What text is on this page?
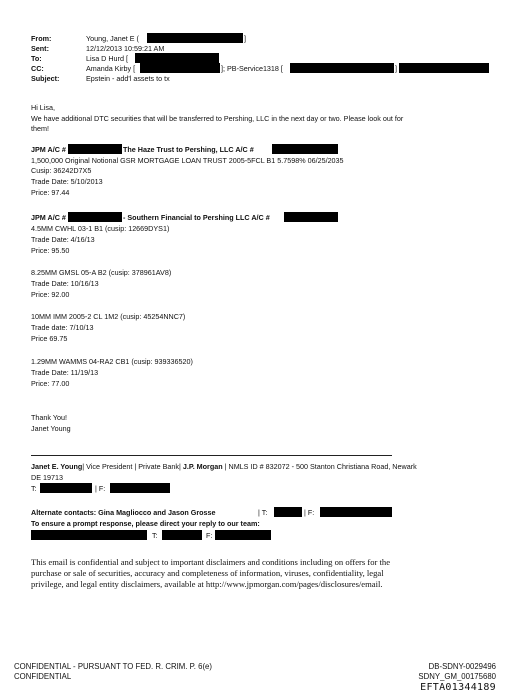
From:	Young, Janet E (	]
Sent:	12/12/2013 10:59:21 AM
To:	Lisa D Hurd [
CC:	Amanda Kirby [	]; PB-Service1318 [	]
Subject:	Epstein - add'l assets to tx
Hi Lisa,
We have additional DTC securities that will be transferred to Pershing, LLC in the next day or two. Please look out for
them!
JPM A/C #	The Haze Trust to Pershing, LLC A/C #
1,500,000 Original Notional GSR MORTGAGE LOAN TRUST 2005-5FCL B1 5.7598% 06/25/2035
Cusip: 36242D7X5
Trade Date: 5/10/2013
Price: 97.44
JPM A/C #	- Southern Financial to Pershing LLC A/C #
4.5MM CWHL 03-1 B1 (cusip: 12669DYS1)
Trade Date: 4/16/13
Price: 95.50
8.25MM GMSL 05-A B2 (cusip: 378961AV8)
Trade Date: 10/16/13
Price: 92.00
10MM IMM 2005-2 CL 1M2 (cusip: 45254NNC7)
Trade date: 7/10/13
Price 69.75
1.29MM WAMMS 04-RA2 CB1 (cusip: 939336520)
Trade Date: 11/19/13
Price: 77.00
Thank You!
Janet Young
Janet E. Young| Vice President | Private Bank| J.P. Morgan | NMLS ID # 832072 - 500 Stanton Christiana Road, Newark
DE 19713
T:	| F:
Alternate contacts: Gina Magliocco and Jason Grosse	| T:	| F:
To ensure a prompt response, please direct your reply to our team:
T:	F:
This email is confidential and subject to important disclaimers and conditions including on offers for the
purchase or sale of securities, accuracy and completeness of information, viruses, confidentiality, legal
privilege, and legal entity disclaimers, available at http://www.jpmorgan.com/pages/disclosures/email.
CONFIDENTIAL - PURSUANT TO FED. R. CRIM. P. 6(e)
CONFIDENTIAL
DB-SDNY-0029496
SDNY_GM_00175680
EFTA01344189
